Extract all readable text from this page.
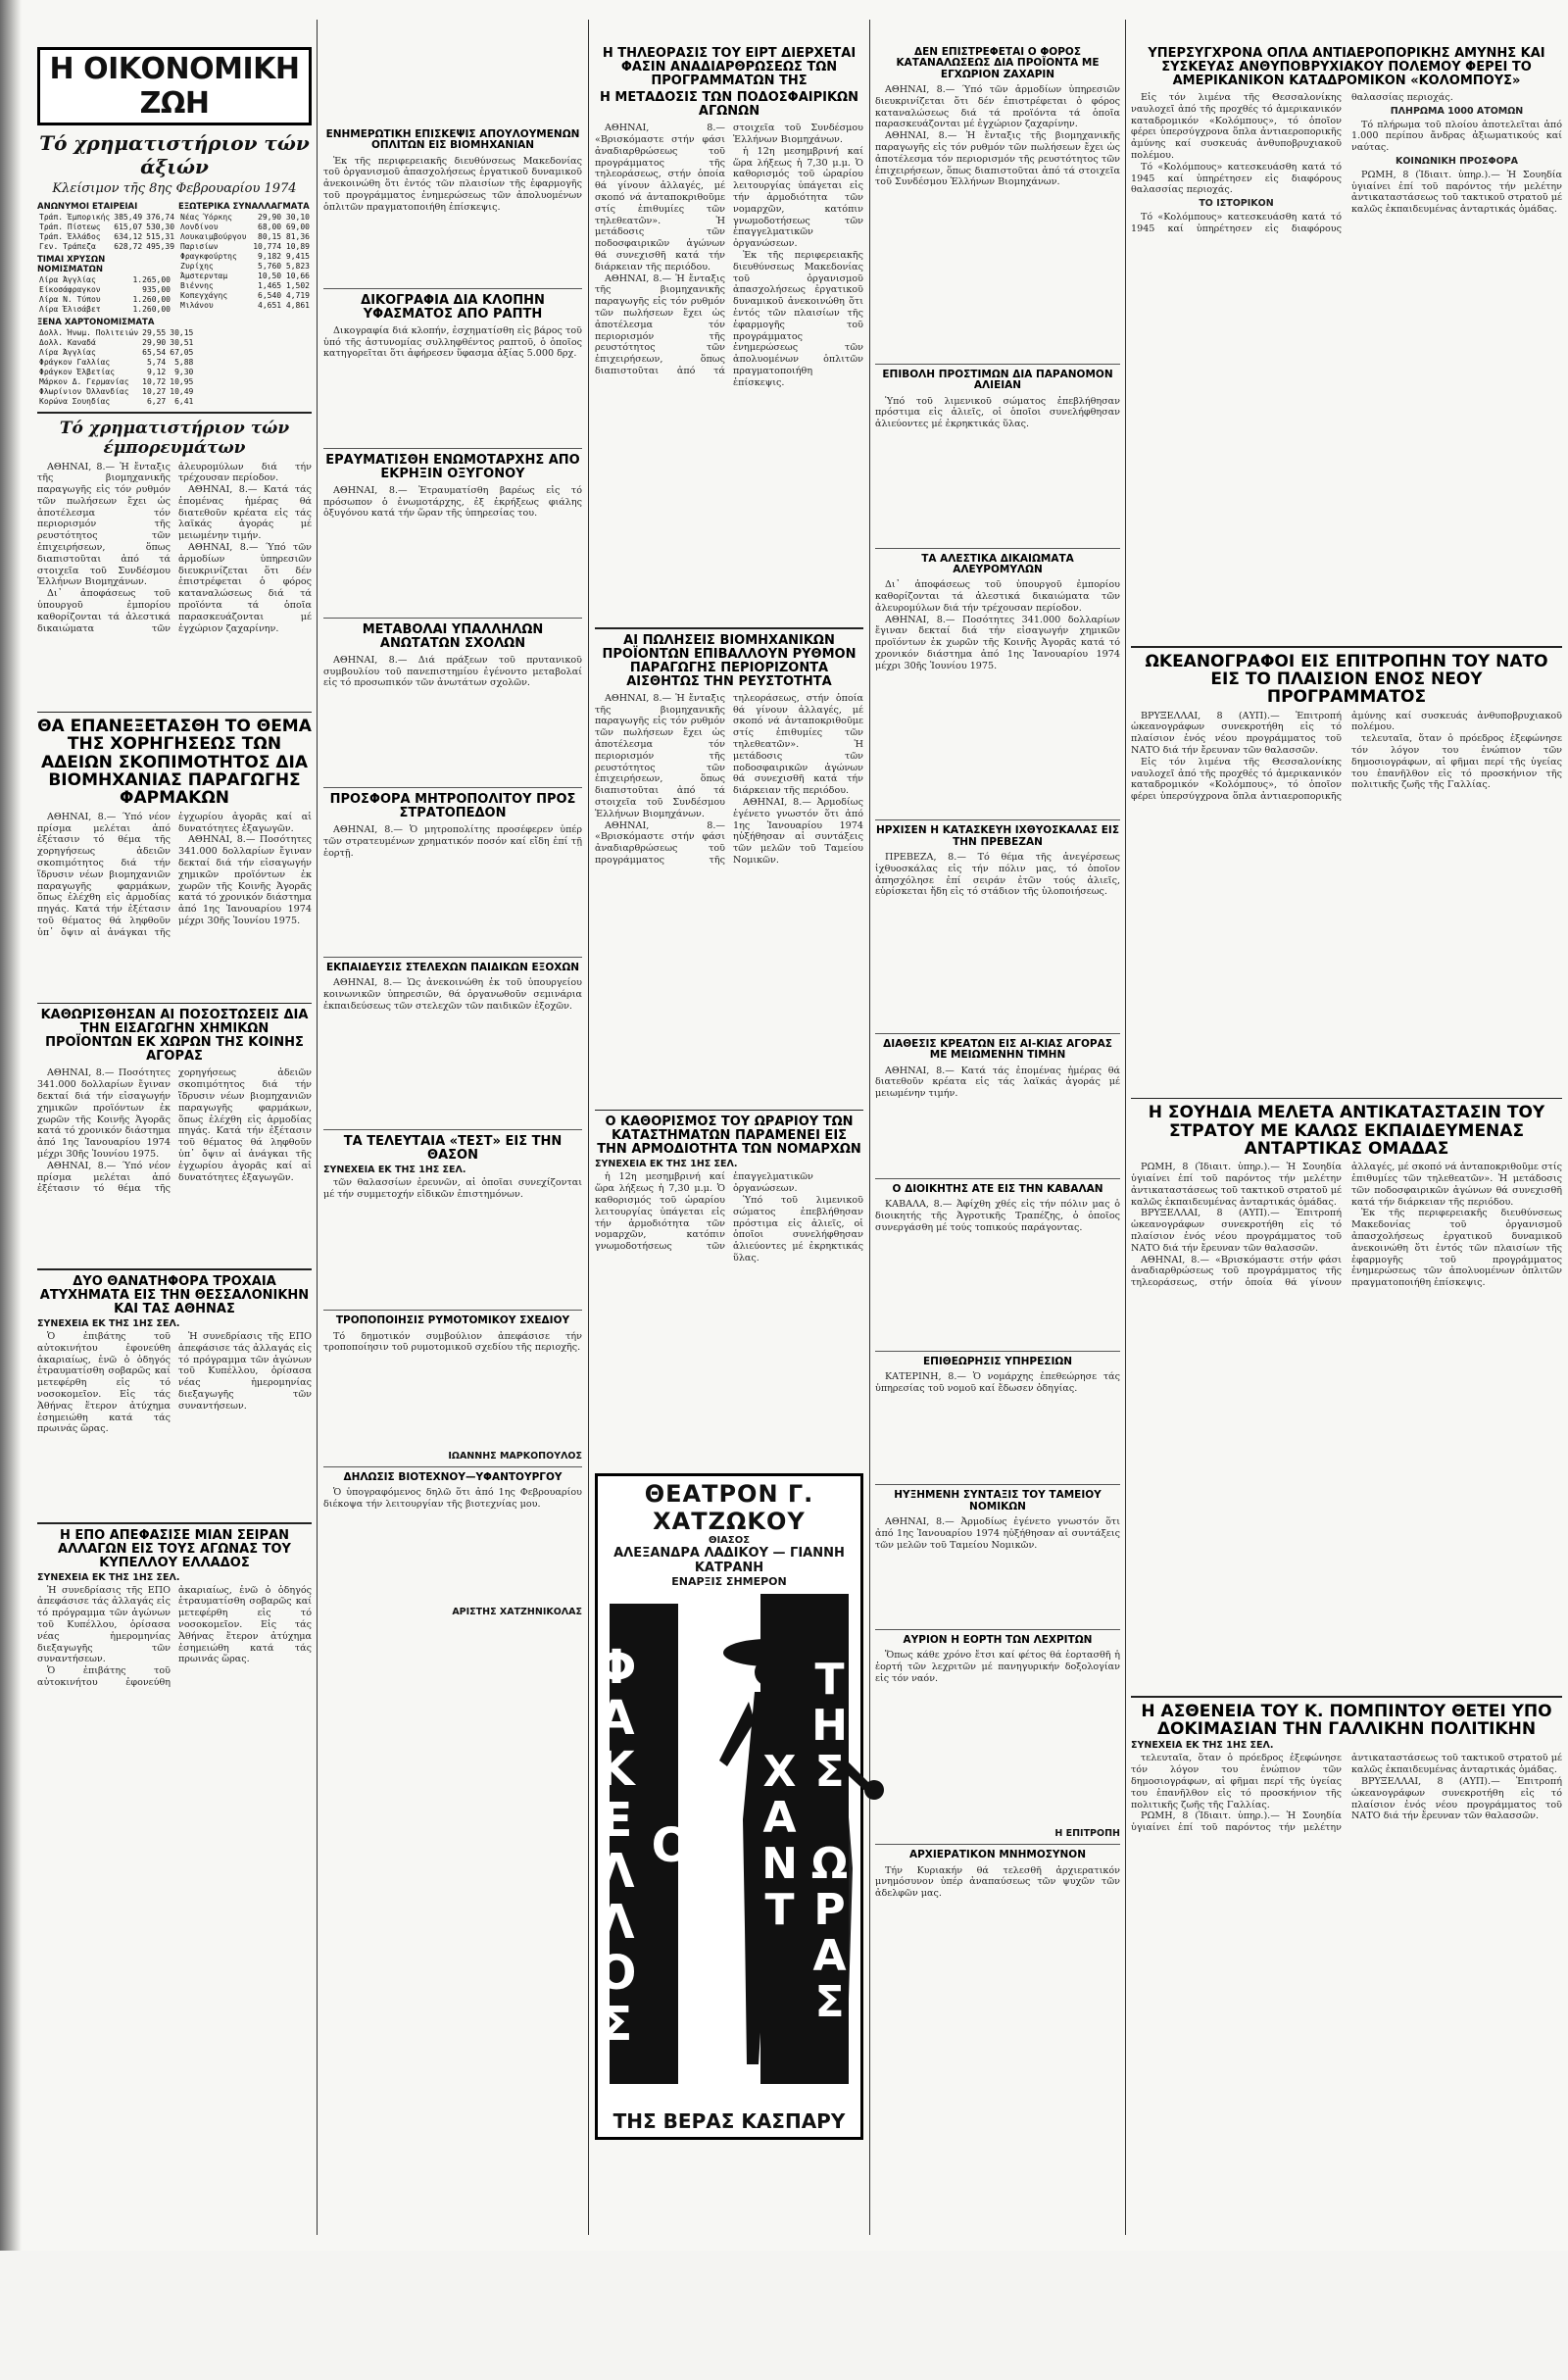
Η ΟΙΚΟΝΟΜΙΚΗ ΖΩΗ
Τό χρηματιστήριον τών άξιών
Κλείσιμον τῆς 8ης Φεβρουαρίου 1974
ΑΝΩΝΥΜΟΙ ΕΤΑΙΡΕΙΑΙ
Τράπ. Έμπορικής	385,49	376,74
Τράπ. Πίστεως	615,07	530,30
Τράπ. Έλλάδος	634,12	515,31
Γεν. Τράπεζα	628,72	495,39
ΤΙΜΑΙ ΧΡΥΣΩΝ ΝΟΜΙΣΜΑΤΩΝ
Λίρα Άγγλίας	1.265,00
Είκοσάφραγκον	935,00
Λίρα Ν. Τύπου	1.260,00
Λίρα Έλισάβετ	1.260,00
ΞΕΝΑ ΧΑΡΤΟΝΟΜΙΣΜΑΤΑ
Δολλ. Ήνωμ. Πολιτειών	29,55	30,15
Δολλ. Καναδά	29,90	30,51
Λίρα Άγγλίας	65,54	67,05
Φράγκον Γαλλίας	5,74	5,88
Φράγκον Έλβετίας	9,12	9,30
Μάρκον Δ. Γερμανίας	10,72	10,95
Φλωρίνιον Όλλανδίας	10,27	10,49
Κορώνα Σουηδίας	6,27	6,41
ΕΞΩΤΕΡΙΚΑ ΣΥΝΑΛΛΑΓΜΑΤΑ
Νέας Ύόρκης	29,90	30,10
Λονδίνου	68,00	69,00
Λουκαιμβούργου	80,15	81,36
Παρισίων	10,774	10,89
Φραγκφούρτης	9,182	9,415
Ζυρίχης	5,760	5,823
Άμστερνταμ	10,50	10,66
Βιέννης	1,465	1,502
Κοπεγχάγης	6,540	4,719
Μιλάνου	4,651	4,861
Τό χρηματιστήριον τών έμπορευμάτων

ΑΘΗΝΑΙ, 8.— Ἡ ἔνταξις τῆς βιομηχανικῆς παραγωγῆς εἰς τόν ρυθμόν τῶν πωλήσεων ἔχει ὡς ἀποτέλεσμα τόν περιορισμόν τῆς ρευστότητος τῶν ἐπιχειρήσεων, ὅπως διαπιστοῦται ἀπό τά στοιχεῖα τοῦ Συνδέσμου Ἑλλήνων Βιομηχάνων.

Δι᾿ ἀποφάσεως τοῦ ὑπουργοῦ ἐμπορίου καθορίζονται τά ἀλεστικά δικαιώματα τῶν ἀλευρομύλων διά τήν τρέχουσαν περίοδον.

ΑΘΗΝΑΙ, 8.— Κατά τάς ἑπομένας ἡμέρας θά διατεθοῦν κρέατα εἰς τάς λαϊκάς ἀγοράς μέ μειωμένην τιμήν.

ΑΘΗΝΑΙ, 8.— Ύπό τῶν ἁρμοδίων ὑπηρεσιῶν διευκρινίζεται ὅτι δέν ἐπιστρέφεται ὁ φόρος καταναλώσεως διά τά προϊόντα τά ὁποῖα παρασκευάζονται μέ ἐγχώριον ζαχαρίνην.

ΘΑ ΕΠΑΝΕΞΕΤΑΣΘΗ ΤΟ ΘΕΜΑ ΤΗΣ ΧΟΡΗΓΗΣΕΩΣ ΤΩΝ ΑΔΕΙΩΝ ΣΚΟΠΙΜΟΤΗΤΟΣ ΔΙΑ ΒΙΟΜΗΧΑΝΙΑΣ ΠΑΡΑΓΩΓΗΣ ΦΑΡΜΑΚΩΝ

ΑΘΗΝΑΙ, 8.— Ύπό νέον πρίσμα μελέται ἀπό ἐξέτασιν τό θέμα τῆς χορηγήσεως ἀδειῶν σκοπιμότητος διά τήν ἵδρυσιν νέων βιομηχανιῶν παραγωγῆς φαρμάκων, ὅπως ἐλέχθη εἰς ἁρμοδίας πηγάς. Κατά τήν ἐξέτασιν τοῦ θέματος θά ληφθοῦν ὑπ᾿ ὄψιν αἱ ἀνάγκαι τῆς ἐγχωρίου ἀγορᾶς καί αἱ δυνατότητες ἐξαγωγῶν.

ΑΘΗΝΑΙ, 8.— Ποσότητες 341.000 δολλαρίων ἔγιναν δεκταί διά τήν εἰσαγωγήν χημικῶν προϊόντων ἐκ χωρῶν τῆς Κοινῆς Ἀγορᾶς κατά τό χρονικόν διάστημα ἀπό 1ης Ἰανουαρίου 1974 μέχρι 30ῆς Ἰουνίου 1975.

ΚΑΘΩΡΙΣΘΗΣΑΝ ΑΙ ΠΟΣΟΣΤΩΣΕΙΣ ΔΙΑ ΤΗΝ ΕΙΣΑΓΩΓΗΝ ΧΗΜΙΚΩΝ ΠΡΟΪΟΝΤΩΝ ΕΚ ΧΩΡΩΝ ΤΗΣ ΚΟΙΝΗΣ ΑΓΟΡΑΣ

ΑΘΗΝΑΙ, 8.— Ποσότητες 341.000 δολλαρίων ἔγιναν δεκταί διά τήν εἰσαγωγήν χημικῶν προϊόντων ἐκ χωρῶν τῆς Κοινῆς Ἀγορᾶς κατά τό χρονικόν διάστημα ἀπό 1ης Ἰανουαρίου 1974 μέχρι 30ῆς Ἰουνίου 1975.

ΑΘΗΝΑΙ, 8.— Ύπό νέον πρίσμα μελέται ἀπό ἐξέτασιν τό θέμα τῆς χορηγήσεως ἀδειῶν σκοπιμότητος διά τήν ἵδρυσιν νέων βιομηχανιῶν παραγωγῆς φαρμάκων, ὅπως ἐλέχθη εἰς ἁρμοδίας πηγάς. Κατά τήν ἐξέτασιν τοῦ θέματος θά ληφθοῦν ὑπ᾿ ὄψιν αἱ ἀνάγκαι τῆς ἐγχωρίου ἀγορᾶς καί αἱ δυνατότητες ἐξαγωγῶν.

ΔΥΟ ΘΑΝΑΤΗΦΟΡΑ ΤΡΟΧΑΙΑ ΑΤΥΧΗΜΑΤΑ ΕΙΣ ΤΗΝ ΘΕΣΣΑΛΟΝΙΚΗΝ ΚΑΙ ΤΑΣ ΑΘΗΝΑΣ
ΣΥΝΕΧΕΙΑ ΕΚ ΤΗΣ 1ΗΣ ΣΕΛ.

Ὁ ἐπιβάτης τοῦ αὐτοκινήτου ἐφονεύθη ἀκαριαίως, ἐνῶ ὁ ὁδηγός ἐτραυματίσθη σοβαρῶς καί μετεφέρθη εἰς τό νοσοκομεῖον. Εἰς τάς Ἀθήνας ἕτερον ἀτύχημα ἐσημειώθη κατά τάς πρωινάς ὥρας.

Ἡ συνεδρίασις τῆς ΕΠΟ ἀπεφάσισε τάς ἀλλαγάς εἰς τό πρόγραμμα τῶν ἀγώνων τοῦ Κυπέλλου, ὁρίσασα νέας ἡμερομηνίας διεξαγωγῆς τῶν συναντήσεων.

Η ΕΠΟ ΑΠΕΦΑΣΙΣΕ ΜΙΑΝ ΣΕΙΡΑΝ ΑΛΛΑΓΩΝ ΕΙΣ ΤΟΥΣ ΑΓΩΝΑΣ ΤΟΥ ΚΥΠΕΛΛΟΥ ΕΛΛΑΔΟΣ
ΣΥΝΕΧΕΙΑ ΕΚ ΤΗΣ 1ΗΣ ΣΕΛ.

Ἡ συνεδρίασις τῆς ΕΠΟ ἀπεφάσισε τάς ἀλλαγάς εἰς τό πρόγραμμα τῶν ἀγώνων τοῦ Κυπέλλου, ὁρίσασα νέας ἡμερομηνίας διεξαγωγῆς τῶν συναντήσεων.

Ὁ ἐπιβάτης τοῦ αὐτοκινήτου ἐφονεύθη ἀκαριαίως, ἐνῶ ὁ ὁδηγός ἐτραυματίσθη σοβαρῶς καί μετεφέρθη εἰς τό νοσοκομεῖον. Εἰς τάς Ἀθήνας ἕτερον ἀτύχημα ἐσημειώθη κατά τάς πρωινάς ὥρας.

ΕΝΗΜΕΡΩΤΙΚΗ ΕΠΙΣΚΕΨΙΣ ΑΠΟΥΛΟΥΜΕΝΩΝ ΟΠΛΙΤΩΝ ΕΙΣ ΒΙΟΜΗΧΑΝΙΑΝ

Ἐκ τῆς περιφερειακῆς διευθύνσεως Μακεδονίας τοῦ ὀργανισμοῦ ἀπασχολήσεως ἐργατικοῦ δυναμικοῦ ἀνεκοινώθη ὅτι ἐντός τῶν πλαισίων τῆς ἐφαρμογῆς τοῦ προγράμματος ἐνημερώσεως τῶν ἀπολυομένων ὁπλιτῶν πραγματοποιήθη ἐπίσκεψις.

ΔΙΚΟΓΡΑΦΙΑ ΔΙΑ ΚΛΟΠΗΝ ΥΦΑΣΜΑΤΟΣ ΑΠΟ ΡΑΠΤΗ

Δικογραφία διά κλοπήν, ἐσχηματίσθη εἰς βάρος τοῦ ὑπό τῆς ἀστυνομίας συλληφθέντος ραπτοῦ, ὁ ὁποῖος κατηγορεῖται ὅτι ἀφήρεσεν ὕφασμα ἀξίας 5.000 δρχ.

ΕΡΑΥΜΑΤΙΣΘΗ ΕΝΩΜΟΤΑΡΧΗΣ ΑΠΟ ΕΚΡΗΞΙΝ ΟΞΥΓΟΝΟΥ

ΑΘΗΝΑΙ, 8.— Ἐτραυματίσθη βαρέως εἰς τό πρόσωπον ὁ ἐνωμοτάρχης, ἐξ ἐκρήξεως φιάλης ὀξυγόνου κατά τήν ὥραν τῆς ὑπηρεσίας του.

ΜΕΤΑΒΟΛΑΙ ΥΠΑΛΛΗΛΩΝ ΑΝΩΤΑΤΩΝ ΣΧΟΛΩΝ

ΑΘΗΝΑΙ, 8.— Διά πράξεων τοῦ πρυτανικοῦ συμβουλίου τοῦ πανεπιστημίου ἐγένοντο μεταβολαί εἰς τό προσωπικόν τῶν ἀνωτάτων σχολῶν.

ΠΡΟΣΦΟΡΑ ΜΗΤΡΟΠΟΛΙΤΟΥ ΠΡΟΣ ΣΤΡΑΤΟΠΕΔΟΝ

ΑΘΗΝΑΙ, 8.— Ὁ μητροπολίτης προσέφερεν ὑπέρ τῶν στρατευμένων χρηματικόν ποσόν καί εἴδη ἐπί τῇ ἑορτῇ.

ΕΚΠΑΙΔΕΥΣΙΣ ΣΤΕΛΕΧΩΝ ΠΑΙΔΙΚΩΝ ΕΞΟΧΩΝ

ΑΘΗΝΑΙ, 8.— Ὡς ἀνεκοινώθη ἐκ τοῦ ὑπουργείου κοινωνικῶν ὑπηρεσιῶν, θά ὀργανωθοῦν σεμινάρια ἐκπαιδεύσεως τῶν στελεχῶν τῶν παιδικῶν ἐξοχῶν.

ΤΑ ΤΕΛΕΥΤΑΙΑ «ΤΕΣΤ» ΕΙΣ ΤΗΝ ΘΑΣΟΝ
ΣΥΝΕΧΕΙΑ ΕΚ ΤΗΣ 1ΗΣ ΣΕΛ.

τῶν θαλασσίων ἐρευνῶν, αἱ ὁποῖαι συνεχίζονται μέ τήν συμμετοχήν εἰδικῶν ἐπιστημόνων.

ΤΡΟΠΟΠΟΙΗΣΙΣ ΡΥΜΟΤΟΜΙΚΟΥ ΣΧΕΔΙΟΥ

Τό δημοτικόν συμβούλιον ἀπεφάσισε τήν τροποποίησιν τοῦ ρυμοτομικοῦ σχεδίου τῆς περιοχῆς.

ΙΩΑΝΝΗΣ ΜΑΡΚΟΠΟΥΛΟΣ
ΔΗΛΩΣΙΣ ΒΙΟΤΕΧΝΟΥ—ΥΦΑΝΤΟΥΡΓΟΥ

Ὁ ὑπογραφόμενος δηλῶ ὅτι ἀπό 1ης Φεβρουαρίου διέκοψα τήν λειτουργίαν τῆς βιοτεχνίας μου.

ΑΡΙΣΤΗΣ ΧΑΤΖΗΝΙΚΟΛΑΣ
Η ΤΗΛΕΟΡΑΣΙΣ ΤΟΥ ΕΙΡΤ ΔΙΕΡΧΕΤΑΙ ΦΑΣΙΝ ΑΝΑΔΙΑΡΘΡΩΣΕΩΣ ΤΩΝ ΠΡΟΓΡΑΜΜΑΤΩΝ ΤΗΣ
Η ΜΕΤΑΔΟΣΙΣ ΤΩΝ ΠΟΔΟΣΦΑΙΡΙΚΩΝ ΑΓΩΝΩΝ

ΑΘΗΝΑΙ, 8.— «Βρισκόμαστε στήν φάσι ἀναδιαρθρώσεως τοῦ προγράμματος τῆς τηλεοράσεως, στήν ὁποία θά γίνουν ἀλλαγές, μέ σκοπό νά ἀνταποκριθοῦμε στίς ἐπιθυμίες τῶν τηλεθεατῶν». Ἡ μετάδοσις τῶν ποδοσφαιρικῶν ἀγώνων θά συνεχισθῆ κατά τήν διάρκειαν τῆς περιόδου.

ΑΘΗΝΑΙ, 8.— Ἡ ἔνταξις τῆς βιομηχανικῆς παραγωγῆς εἰς τόν ρυθμόν τῶν πωλήσεων ἔχει ὡς ἀποτέλεσμα τόν περιορισμόν τῆς ρευστότητος τῶν ἐπιχειρήσεων, ὅπως διαπιστοῦται ἀπό τά στοιχεῖα τοῦ Συνδέσμου Ἑλλήνων Βιομηχάνων.

ἡ 12η μεσημβρινή καί ὥρα λήξεως ἡ 7,30 μ.μ. Ὁ καθορισμός τοῦ ὡραρίου λειτουργίας ὑπάγεται εἰς τήν ἁρμοδιότητα τῶν νομαρχῶν, κατόπιν γνωμοδοτήσεως τῶν ἐπαγγελματικῶν ὀργανώσεων.

Ἐκ τῆς περιφερειακῆς διευθύνσεως Μακεδονίας τοῦ ὀργανισμοῦ ἀπασχολήσεως ἐργατικοῦ δυναμικοῦ ἀνεκοινώθη ὅτι ἐντός τῶν πλαισίων τῆς ἐφαρμογῆς τοῦ προγράμματος ἐνημερώσεως τῶν ἀπολυομένων ὁπλιτῶν πραγματοποιήθη ἐπίσκεψις.

ΑΙ ΠΩΛΗΣΕΙΣ ΒΙΟΜΗΧΑΝΙΚΩΝ ΠΡΟΪΟΝΤΩΝ ΕΠΙΒΑΛΛΟΥΝ ΡΥΘΜΟΝ ΠΑΡΑΓΩΓΗΣ ΠΕΡΙΟΡΙΖΟΝΤΑ ΑΙΣΘΗΤΩΣ ΤΗΝ ΡΕΥΣΤΟΤΗΤΑ

ΑΘΗΝΑΙ, 8.— Ἡ ἔνταξις τῆς βιομηχανικῆς παραγωγῆς εἰς τόν ρυθμόν τῶν πωλήσεων ἔχει ὡς ἀποτέλεσμα τόν περιορισμόν τῆς ρευστότητος τῶν ἐπιχειρήσεων, ὅπως διαπιστοῦται ἀπό τά στοιχεῖα τοῦ Συνδέσμου Ἑλλήνων Βιομηχάνων.

ΑΘΗΝΑΙ, 8.— «Βρισκόμαστε στήν φάσι ἀναδιαρθρώσεως τοῦ προγράμματος τῆς τηλεοράσεως, στήν ὁποία θά γίνουν ἀλλαγές, μέ σκοπό νά ἀνταποκριθοῦμε στίς ἐπιθυμίες τῶν τηλεθεατῶν». Ἡ μετάδοσις τῶν ποδοσφαιρικῶν ἀγώνων θά συνεχισθῆ κατά τήν διάρκειαν τῆς περιόδου.

ΑΘΗΝΑΙ, 8.— Ἀρμοδίως ἐγένετο γνωστόν ὅτι ἀπό 1ης Ἰανουαρίου 1974 ηὐξήθησαν αἱ συντάξεις τῶν μελῶν τοῦ Ταμείου Νομικῶν.

Ο ΚΑΘΟΡΙΣΜΟΣ ΤΟΥ ΩΡΑΡΙΟΥ ΤΩΝ ΚΑΤΑΣΤΗΜΑΤΩΝ ΠΑΡΑΜΕΝΕΙ ΕΙΣ ΤΗΝ ΑΡΜΟΔΙΟΤΗΤΑ ΤΩΝ ΝΟΜΑΡΧΩΝ
ΣΥΝΕΧΕΙΑ ΕΚ ΤΗΣ 1ΗΣ ΣΕΛ.

ἡ 12η μεσημβρινή καί ὥρα λήξεως ἡ 7,30 μ.μ. Ὁ καθορισμός τοῦ ὡραρίου λειτουργίας ὑπάγεται εἰς τήν ἁρμοδιότητα τῶν νομαρχῶν, κατόπιν γνωμοδοτήσεως τῶν ἐπαγγελματικῶν ὀργανώσεων.

Ὑπό τοῦ λιμενικοῦ σώματος ἐπεβλήθησαν πρόστιμα εἰς ἁλιεῖς, οἱ ὁποῖοι συνελήφθησαν ἁλιεύοντες μέ ἐκρηκτικάς ὕλας.

ΘΕΑΤΡΟΝ Γ. ΧΑΤΖΩΚΟΥ
ΘΙΑΣΟΣ
ΑΛΕΞΑΝΔΡΑ ΛΑΔΙΚΟΥ — ΓΙΑΝΝΗ ΚΑΤΡΑΝΗ
ΕΝΑΡΞΙΣ ΣΗΜΕΡΟΝ
Ο ΦΑΚΕΛΛΟΣ	ΤΗΣ ΩΡΑΣ ΧΑΝΤ
ΤΗΣ ΒΕΡΑΣ ΚΑΣΠΑΡΥ
ΔΕΝ ΕΠΙΣΤΡΕΦΕΤΑΙ Ο ΦΟΡΟΣ ΚΑΤΑΝΑΛΩΣΕΩΣ ΔΙΑ ΠΡΟΪΟΝΤΑ ΜΕ ΕΓΧΩΡΙΟΝ ΖΑΧΑΡΙΝ

ΑΘΗΝΑΙ, 8.— Ύπό τῶν ἁρμοδίων ὑπηρεσιῶν διευκρινίζεται ὅτι δέν ἐπιστρέφεται ὁ φόρος καταναλώσεως διά τά προϊόντα τά ὁποῖα παρασκευάζονται μέ ἐγχώριον ζαχαρίνην.

ΑΘΗΝΑΙ, 8.— Ἡ ἔνταξις τῆς βιομηχανικῆς παραγωγῆς εἰς τόν ρυθμόν τῶν πωλήσεων ἔχει ὡς ἀποτέλεσμα τόν περιορισμόν τῆς ρευστότητος τῶν ἐπιχειρήσεων, ὅπως διαπιστοῦται ἀπό τά στοιχεῖα τοῦ Συνδέσμου Ἑλλήνων Βιομηχάνων.

ΕΠΙΒΟΛΗ ΠΡΟΣΤΙΜΩΝ ΔΙΑ ΠΑΡΑΝΟΜΟΝ ΑΛΙΕΙΑΝ

Ὑπό τοῦ λιμενικοῦ σώματος ἐπεβλήθησαν πρόστιμα εἰς ἁλιεῖς, οἱ ὁποῖοι συνελήφθησαν ἁλιεύοντες μέ ἐκρηκτικάς ὕλας.

ΤΑ ΑΛΕΣΤΙΚΑ ΔΙΚΑΙΩΜΑΤΑ ΑΛΕΥΡΟΜΥΛΩΝ

Δι᾿ ἀποφάσεως τοῦ ὑπουργοῦ ἐμπορίου καθορίζονται τά ἀλεστικά δικαιώματα τῶν ἀλευρομύλων διά τήν τρέχουσαν περίοδον.

ΑΘΗΝΑΙ, 8.— Ποσότητες 341.000 δολλαρίων ἔγιναν δεκταί διά τήν εἰσαγωγήν χημικῶν προϊόντων ἐκ χωρῶν τῆς Κοινῆς Ἀγορᾶς κατά τό χρονικόν διάστημα ἀπό 1ης Ἰανουαρίου 1974 μέχρι 30ῆς Ἰουνίου 1975.

ΗΡΧΙΣΕΝ Η ΚΑΤΑΣΚΕΥΗ ΙΧΘΥΟΣΚΑΛΑΣ ΕΙΣ ΤΗΝ ΠΡΕΒΕΖΑΝ

ΠΡΕΒΕΖΑ, 8.— Τό θέμα τῆς ἀνεγέρσεως ἰχθυοσκάλας εἰς τήν πόλιν μας, τό ὁποῖον ἀπησχόλησε ἐπί σειράν ἐτῶν τούς ἁλιεῖς, εὑρίσκεται ἤδη εἰς τό στάδιον τῆς ὑλοποιήσεως.

ΔΙΑΘΕΣΙΣ ΚΡΕΑΤΩΝ ΕΙΣ ΑΙ-ΚΙΑΣ ΑΓΟΡΑΣ ΜΕ ΜΕΙΩΜΕΝΗΝ ΤΙΜΗΝ

ΑΘΗΝΑΙ, 8.— Κατά τάς ἑπομένας ἡμέρας θά διατεθοῦν κρέατα εἰς τάς λαϊκάς ἀγοράς μέ μειωμένην τιμήν.

Ο ΔΙΟΙΚΗΤΗΣ ΑΤΕ ΕΙΣ ΤΗΝ ΚΑΒΑΛΑΝ

ΚΑΒΑΛΑ, 8.— Ἀφίχθη χθές εἰς τήν πόλιν μας ὁ διοικητής τῆς Ἀγροτικῆς Τραπέζης, ὁ ὁποῖος συνεργάσθη μέ τούς τοπικούς παράγοντας.

ΕΠΙΘΕΩΡΗΣΙΣ ΥΠΗΡΕΣΙΩΝ

ΚΑΤΕΡΙΝΗ, 8.— Ὁ νομάρχης ἐπεθεώρησε τάς ὑπηρεσίας τοῦ νομοῦ καί ἔδωσεν ὁδηγίας.

ΗΥΞΗΜΕΝΗ ΣΥΝΤΑΞΙΣ ΤΟΥ ΤΑΜΕΙΟΥ ΝΟΜΙΚΩΝ

ΑΘΗΝΑΙ, 8.— Ἀρμοδίως ἐγένετο γνωστόν ὅτι ἀπό 1ης Ἰανουαρίου 1974 ηὐξήθησαν αἱ συντάξεις τῶν μελῶν τοῦ Ταμείου Νομικῶν.

ΑΥΡΙΟΝ Η ΕΟΡΤΗ ΤΩΝ ΛΕΧΡΙΤΩΝ

Ὅπως κάθε χρόνο ἔτσι καί φέτος θά ἑορτασθῆ ἡ ἑορτή τῶν λεχριτῶν μέ πανηγυρικήν δοξολογίαν εἰς τόν ναόν.

Η ΕΠΙΤΡΟΠΗ
ΑΡΧΙΕΡΑΤΙΚΟΝ ΜΝΗΜΟΣΥΝΟΝ

Τήν Κυριακήν θά τελεσθῆ ἀρχιερατικόν μνημόσυνον ὑπέρ ἀναπαύσεως τῶν ψυχῶν τῶν ἀδελφῶν μας.

ΥΠΕΡΣΥΓΧΡΟΝΑ ΟΠΛΑ ΑΝΤΙΑΕΡΟΠΟΡΙΚΗΣ ΑΜΥΝΗΣ ΚΑΙ ΣΥΣΚΕΥΑΣ ΑΝΘΥΠΟΒΡΥΧΙΑΚΟΥ ΠΟΛΕΜΟΥ ΦΕΡΕΙ ΤΟ ΑΜΕΡΙΚΑΝΙΚΟΝ ΚΑΤΑΔΡΟΜΙΚΟΝ «ΚΟΛΟΜΠΟΥΣ»

Εἰς τόν λιμένα τῆς Θεσσαλονίκης ναυλοχεῖ ἀπό τῆς προχθές τό ἀμερικανικόν καταδρομικόν «Κολόμπους», τό ὁποῖον φέρει ὑπερσύγχρονα ὅπλα ἀντιαεροπορικῆς ἀμύνης καί συσκευάς ἀνθυποβρυχιακοῦ πολέμου.

Τό «Κολόμπους» κατεσκευάσθη κατά τό 1945 καί ὑπηρέτησεν εἰς διαφόρους θαλασσίας περιοχάς.

ΤΟ ΙΣΤΟΡΙΚΟΝ

Τό «Κολόμπους» κατεσκευάσθη κατά τό 1945 καί ὑπηρέτησεν εἰς διαφόρους θαλασσίας περιοχάς.

ΠΛΗΡΩΜΑ 1000 ΑΤΟΜΩΝ

Τό πλήρωμα τοῦ πλοίου ἀποτελεῖται ἀπό 1.000 περίπου ἄνδρας ἀξιωματικούς καί ναύτας.

ΚΟΙΝΩΝΙΚΗ ΠΡΟΣΦΟΡΑ

ΡΩΜΗ, 8 (Ἰδιαιτ. ὑπηρ.).— Ἡ Σουηδία ὑγιαίνει ἐπί τοῦ παρόντος τήν μελέτην ἀντικαταστάσεως τοῦ τακτικοῦ στρατοῦ μέ καλῶς ἐκπαιδευμένας ἀνταρτικάς ὁμάδας.

ΩΚΕΑΝΟΓΡΑΦΟΙ ΕΙΣ ΕΠΙΤΡΟΠΗΝ ΤΟΥ ΝΑΤΟ ΕΙΣ ΤΟ ΠΛΑΙΣΙΟΝ ΕΝΟΣ ΝΕΟΥ ΠΡΟΓΡΑΜΜΑΤΟΣ

ΒΡΥΞΕΛΛΑΙ, 8 (ΑΥΠ).— Ἐπιτροπή ὠκεανογράφων συνεκροτήθη εἰς τό πλαίσιον ἑνός νέου προγράμματος τοῦ ΝΑΤΟ διά τήν ἔρευναν τῶν θαλασσῶν.

Εἰς τόν λιμένα τῆς Θεσσαλονίκης ναυλοχεῖ ἀπό τῆς προχθές τό ἀμερικανικόν καταδρομικόν «Κολόμπους», τό ὁποῖον φέρει ὑπερσύγχρονα ὅπλα ἀντιαεροπορικῆς ἀμύνης καί συσκευάς ἀνθυποβρυχιακοῦ πολέμου.

τελευταῖα, ὅταν ὁ πρόεδρος ἐξεφώνησε τόν λόγον του ἐνώπιον τῶν δημοσιογράφων, αἱ φῆμαι περί τῆς ὑγείας του ἐπανῆλθον εἰς τό προσκήνιον τῆς πολιτικῆς ζωῆς τῆς Γαλλίας.

Η ΣΟΥΗΔΙΑ ΜΕΛΕΤΑ ΑΝΤΙΚΑΤΑΣΤΑΣΙΝ ΤΟΥ ΣΤΡΑΤΟΥ ΜΕ ΚΑΛΩΣ ΕΚΠΑΙΔΕΥΜΕΝΑΣ ΑΝΤΑΡΤΙΚΑΣ ΟΜΑΔΑΣ

ΡΩΜΗ, 8 (Ἰδιαιτ. ὑπηρ.).— Ἡ Σουηδία ὑγιαίνει ἐπί τοῦ παρόντος τήν μελέτην ἀντικαταστάσεως τοῦ τακτικοῦ στρατοῦ μέ καλῶς ἐκπαιδευμένας ἀνταρτικάς ὁμάδας.

ΒΡΥΞΕΛΛΑΙ, 8 (ΑΥΠ).— Ἐπιτροπή ὠκεανογράφων συνεκροτήθη εἰς τό πλαίσιον ἑνός νέου προγράμματος τοῦ ΝΑΤΟ διά τήν ἔρευναν τῶν θαλασσῶν.

ΑΘΗΝΑΙ, 8.— «Βρισκόμαστε στήν φάσι ἀναδιαρθρώσεως τοῦ προγράμματος τῆς τηλεοράσεως, στήν ὁποία θά γίνουν ἀλλαγές, μέ σκοπό νά ἀνταποκριθοῦμε στίς ἐπιθυμίες τῶν τηλεθεατῶν». Ἡ μετάδοσις τῶν ποδοσφαιρικῶν ἀγώνων θά συνεχισθῆ κατά τήν διάρκειαν τῆς περιόδου.

Ἐκ τῆς περιφερειακῆς διευθύνσεως Μακεδονίας τοῦ ὀργανισμοῦ ἀπασχολήσεως ἐργατικοῦ δυναμικοῦ ἀνεκοινώθη ὅτι ἐντός τῶν πλαισίων τῆς ἐφαρμογῆς τοῦ προγράμματος ἐνημερώσεως τῶν ἀπολυομένων ὁπλιτῶν πραγματοποιήθη ἐπίσκεψις.

Η ΑΣΘΕΝΕΙΑ ΤΟΥ Κ. ΠΟΜΠΙΝΤΟΥ ΘΕΤΕΙ ΥΠΟ ΔΟΚΙΜΑΣΙΑΝ ΤΗΝ ΓΑΛΛΙΚΗΝ ΠΟΛΙΤΙΚΗΝ
ΣΥΝΕΧΕΙΑ ΕΚ ΤΗΣ 1ΗΣ ΣΕΛ.

τελευταῖα, ὅταν ὁ πρόεδρος ἐξεφώνησε τόν λόγον του ἐνώπιον τῶν δημοσιογράφων, αἱ φῆμαι περί τῆς ὑγείας του ἐπανῆλθον εἰς τό προσκήνιον τῆς πολιτικῆς ζωῆς τῆς Γαλλίας.

ΡΩΜΗ, 8 (Ἰδιαιτ. ὑπηρ.).— Ἡ Σουηδία ὑγιαίνει ἐπί τοῦ παρόντος τήν μελέτην ἀντικαταστάσεως τοῦ τακτικοῦ στρατοῦ μέ καλῶς ἐκπαιδευμένας ἀνταρτικάς ὁμάδας.

ΒΡΥΞΕΛΛΑΙ, 8 (ΑΥΠ).— Ἐπιτροπή ὠκεανογράφων συνεκροτήθη εἰς τό πλαίσιον ἑνός νέου προγράμματος τοῦ ΝΑΤΟ διά τήν ἔρευναν τῶν θαλασσῶν.
